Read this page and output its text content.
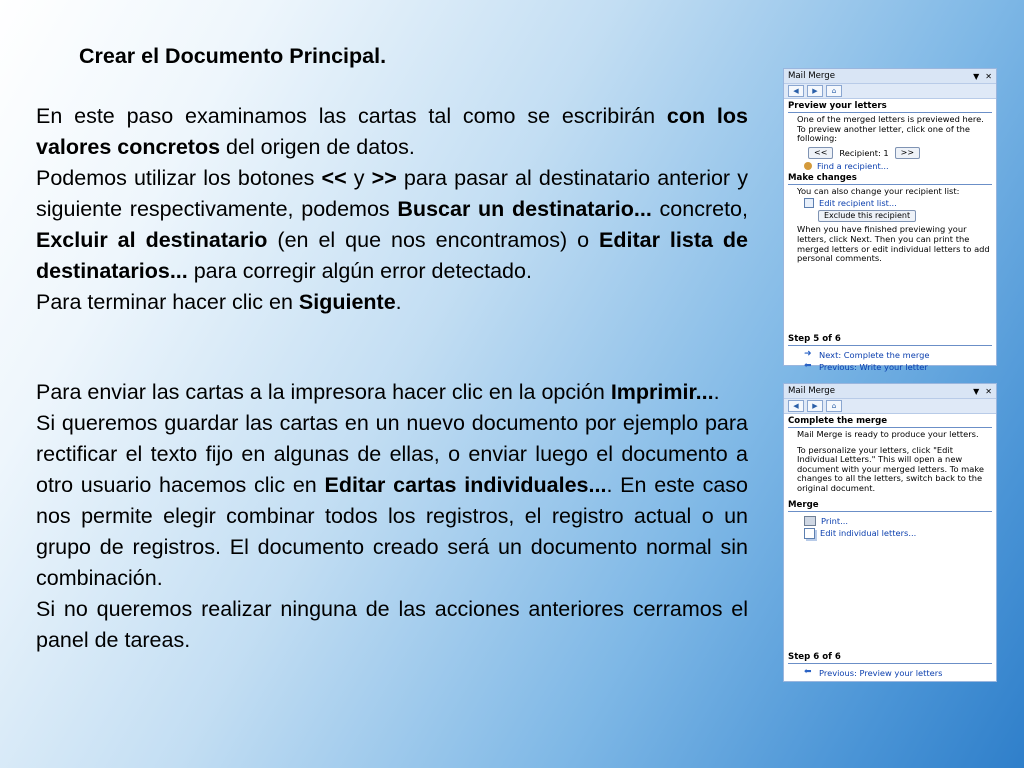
Crear el Documento Principal.

En este paso examinamos las cartas tal como se escribirán con los valores concretos del origen de datos.

Podemos utilizar los botones << y >> para pasar al destinatario anterior y siguiente respectivamente, podemos Buscar un destinatario... concreto, Excluir al destinatario (en el que nos encontramos) o Editar lista de destinatarios... para corregir algún error detectado.

Para terminar hacer clic en Siguiente.

Para enviar las cartas a la impresora hacer clic en la opción Imprimir....

Si queremos guardar las cartas en un nuevo documento por ejemplo para rectificar el texto fijo en algunas de ellas, o enviar luego el documento a otro usuario hacemos clic en Editar cartas individuales.... En este caso nos permite elegir combinar todos los registros, el registro actual o un grupo de registros. El documento creado será un documento normal sin combinación.

Si no queremos realizar ninguna de las acciones anteriores cerramos el panel de tareas.

Mail Merge	▼ ✕
◀	▶	⌂
Preview your letters
One of the merged letters is previewed here. To preview another letter, click one of the following:
<<	Recipient: 1	>>
Find a recipient...
Make changes
You can also change your recipient list:
Edit recipient list...
Exclude this recipient
When you have finished previewing your letters, click Next. Then you can print the merged letters or edit individual letters to add personal comments.
Step 5 of 6
➜ Next: Complete the merge
⬅ Previous: Write your letter
Mail Merge	▼ ✕
◀	▶	⌂
Complete the merge
Mail Merge is ready to produce your letters.
To personalize your letters, click "Edit Individual Letters." This will open a new document with your merged letters. To make changes to all the letters, switch back to the original document.
Merge
Print...
Edit individual letters...
Step 6 of 6
⬅ Previous: Preview your letters
